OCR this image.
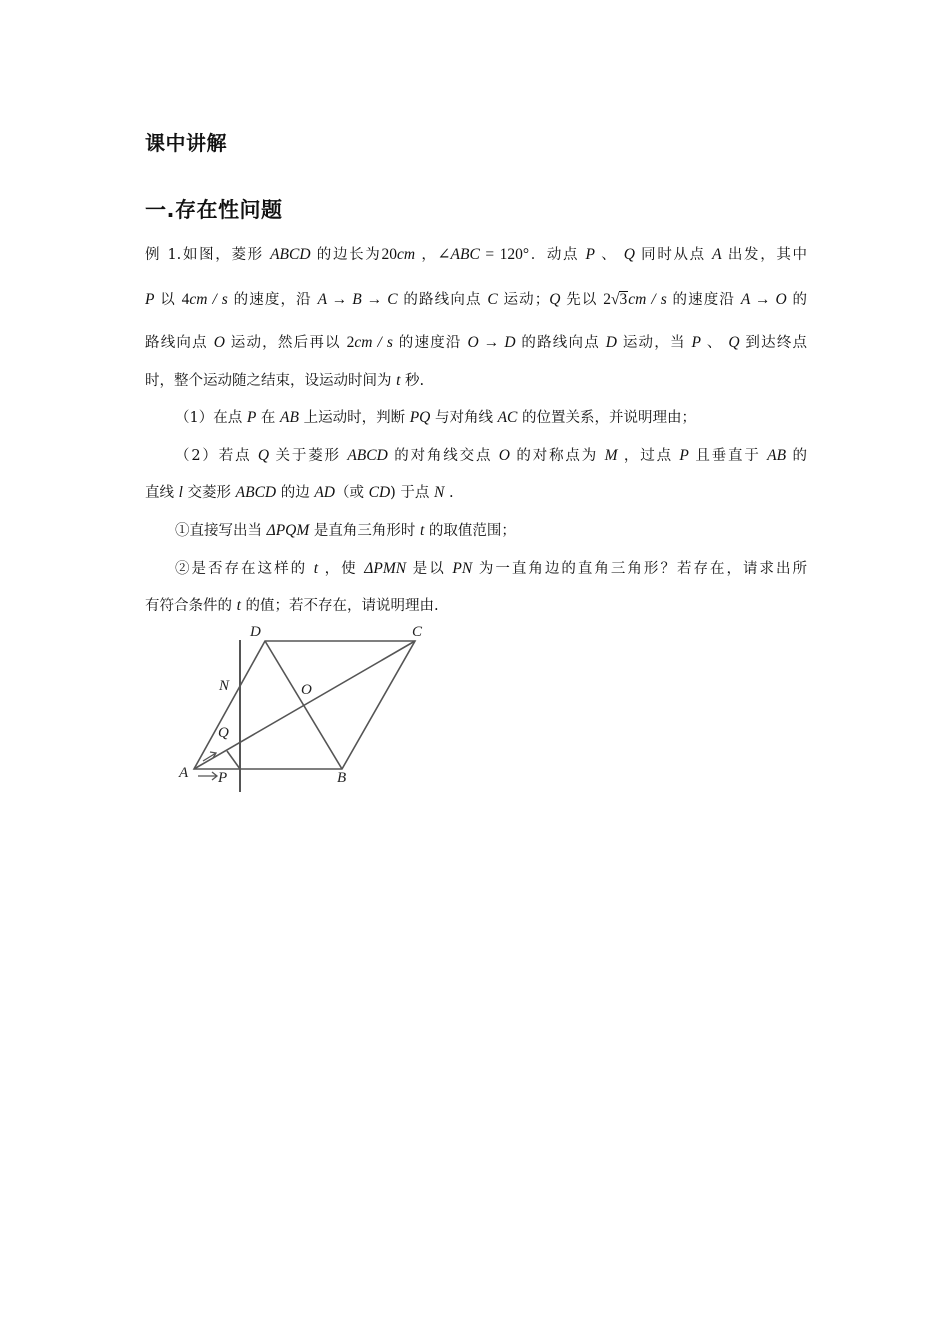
课中讲解
一.存在性问题
例 1.如图，菱形 ABCD 的边长为20cm ，∠ABC = 120°．动点 P 、 Q 同时从点 A 出发，其中
P 以 4cm / s 的速度，沿 A → B → C 的路线向点 C 运动；Q 先以 2√3cm / s 的速度沿 A → O 的
路线向点 O 运动，然后再以 2cm / s 的速度沿 O → D 的路线向点 D 运动，当 P 、 Q 到达终点
时，整个运动随之结束，设运动时间为 t 秒.
（1）在点 P 在 AB 上运动时，判断 PQ 与对角线 AC 的位置关系，并说明理由；
（2）若点 Q 关于菱形 ABCD 的对角线交点 O 的对称点为 M ，过点 P 且垂直于 AB 的
直线 l 交菱形 ABCD 的边 AD（或 CD) 于点 N .
①直接写出当 ΔPQM 是直角三角形时 t 的取值范围；
②是否存在这样的 t ，使 ΔPMN 是以 PN 为一直角边的直角三角形？若存在，请求出所
有符合条件的 t 的值；若不存在，请说明理由.
D	C
N	O
Q
A P	B
